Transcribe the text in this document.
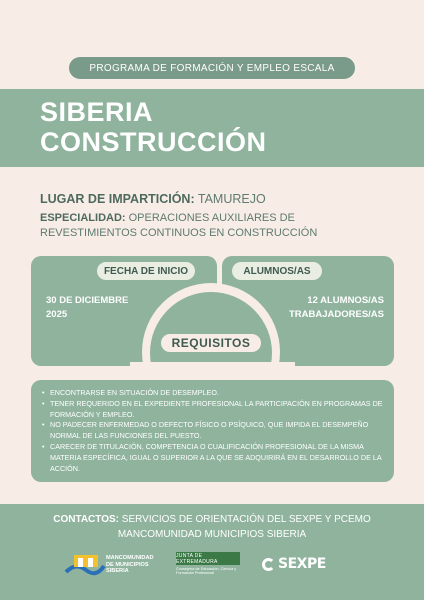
PROGRAMA DE FORMACIÓN Y EMPLEO ESCALA
SIBERIA
CONSTRUCCIÓN
LUGAR DE IMPARTICIÓN: TAMUREJO
ESPECIALIDAD: OPERACIONES AUXILIARES DE
REVESTIMIENTOS CONTINUOS EN CONSTRUCCIÓN
FECHA DE INICIO	ALUMNOS/AS
30 DE DICIEMBRE
2025
12 ALUMNOS/AS
TRABAJADORES/AS
REQUISITOS
• ENCONTRARSE EN SITUACIÓN DE DESEMPLEO.
• TENER REQUERIDO EN EL EXPEDIENTE PROFESIONAL LA PARTICIPACIÓN EN PROGRAMAS DE FORMACIÓN Y EMPLEO.
• NO PADECER ENFERMEDAD O DEFECTO FÍSICO O PSÍQUICO, QUE IMPIDA EL DESEMPEÑO NORMAL DE LAS FUNCIONES DEL PUESTO.
• CARECER DE TITULACIÓN, COMPETENCIA O CUALIFICACIÓN PROFESIONAL DE LA MISMA MATERIA ESPECÍFICA, IGUAL O SUPERIOR A LA QUE SE ADQUIRIRÁ EN EL DESARROLLO DE LA ACCIÓN.
CONTACTOS: SERVICIOS DE ORIENTACIÓN DEL SEXPE Y PCEMO
MANCOMUNIDAD MUNICIPIOS SIBERIA
MANCOMUNIDAD DE MUNICIPIOS SIBERIA
JUNTA DE EXTREMADURA
Consejería de Educación, Ciencia y Formación Profesional
SEXPE
